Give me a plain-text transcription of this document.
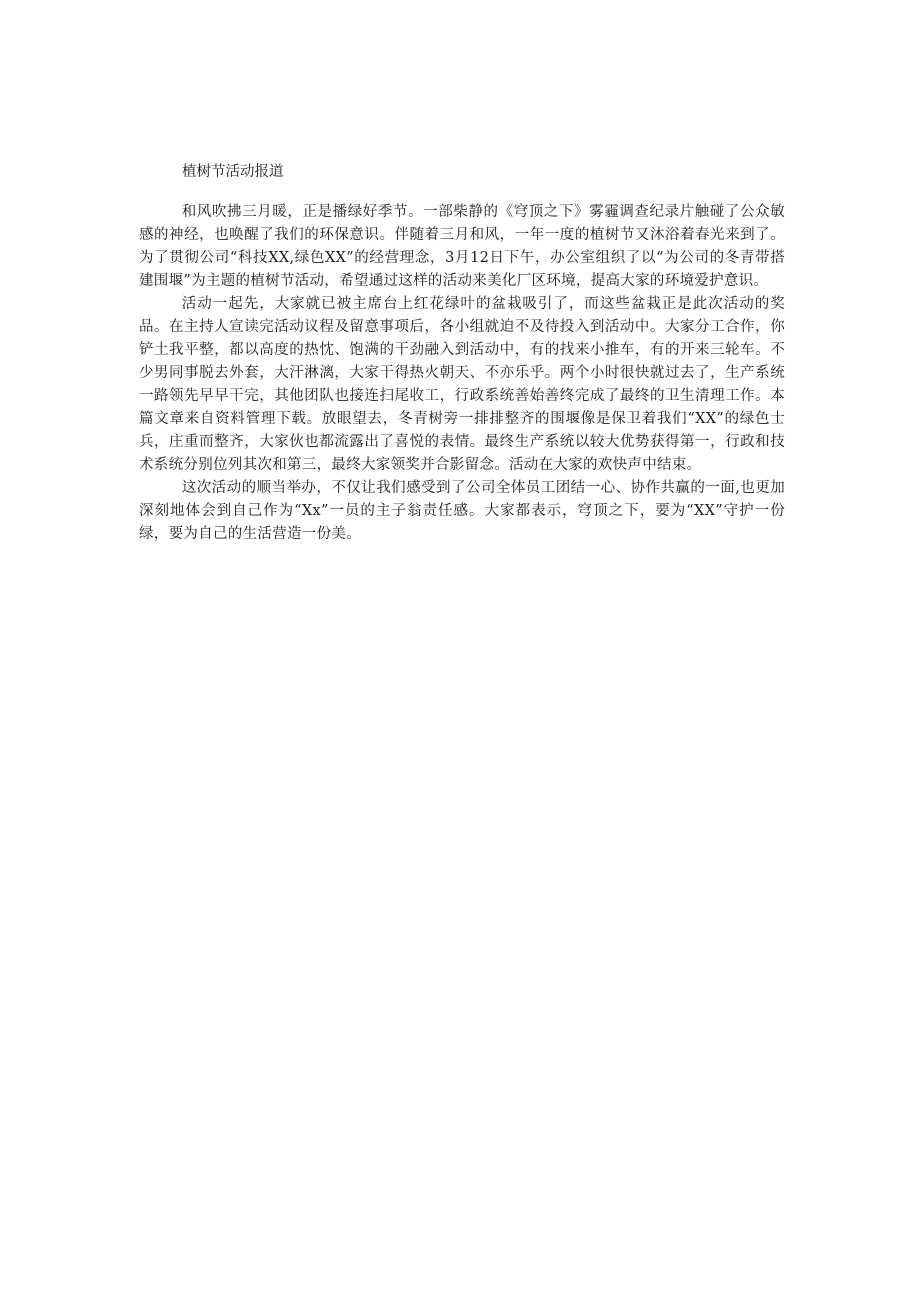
植树节活动报道

和风吹拂三月暖，正是播绿好季节。一部柴静的《穹顶之下》雾霾调查纪录片触碰了公众敏感的神经，也唤醒了我们的环保意识。伴随着三月和风，一年一度的植树节又沐浴着春光来到了。为了贯彻公司“科技XX,绿色XX”的经营理念，3月12日下午，办公室组织了以“为公司的冬青带搭建围堰”为主题的植树节活动，希望通过这样的活动来美化厂区环境，提高大家的环境爱护意识。

活动一起先，大家就已被主席台上红花绿叶的盆栽吸引了，而这些盆栽正是此次活动的奖品。在主持人宣读完活动议程及留意事项后，各小组就迫不及待投入到活动中。大家分工合作，你铲土我平整，都以高度的热忱、饱满的干劲融入到活动中，有的找来小推车，有的开来三轮车。不少男同事脱去外套，大汗淋漓，大家干得热火朝天、不亦乐乎。两个小时很快就过去了，生产系统一路领先早早干完，其他团队也接连扫尾收工，行政系统善始善终完成了最终的卫生清理工作。本篇文章来自资料管理下载。放眼望去，冬青树旁一排排整齐的围堰像是保卫着我们“XX”的绿色士兵，庄重而整齐，大家伙也都流露出了喜悦的表情。最终生产系统以较大优势获得第一，行政和技术系统分别位列其次和第三，最终大家领奖并合影留念。活动在大家的欢快声中结束。

这次活动的顺当举办，不仅让我们感受到了公司全体员工团结一心、协作共赢的一面,也更加深刻地体会到自己作为“Xx”一员的主子翁责任感。大家都表示，穹顶之下，要为“XX”守护一份绿，要为自己的生活营造一份美。
